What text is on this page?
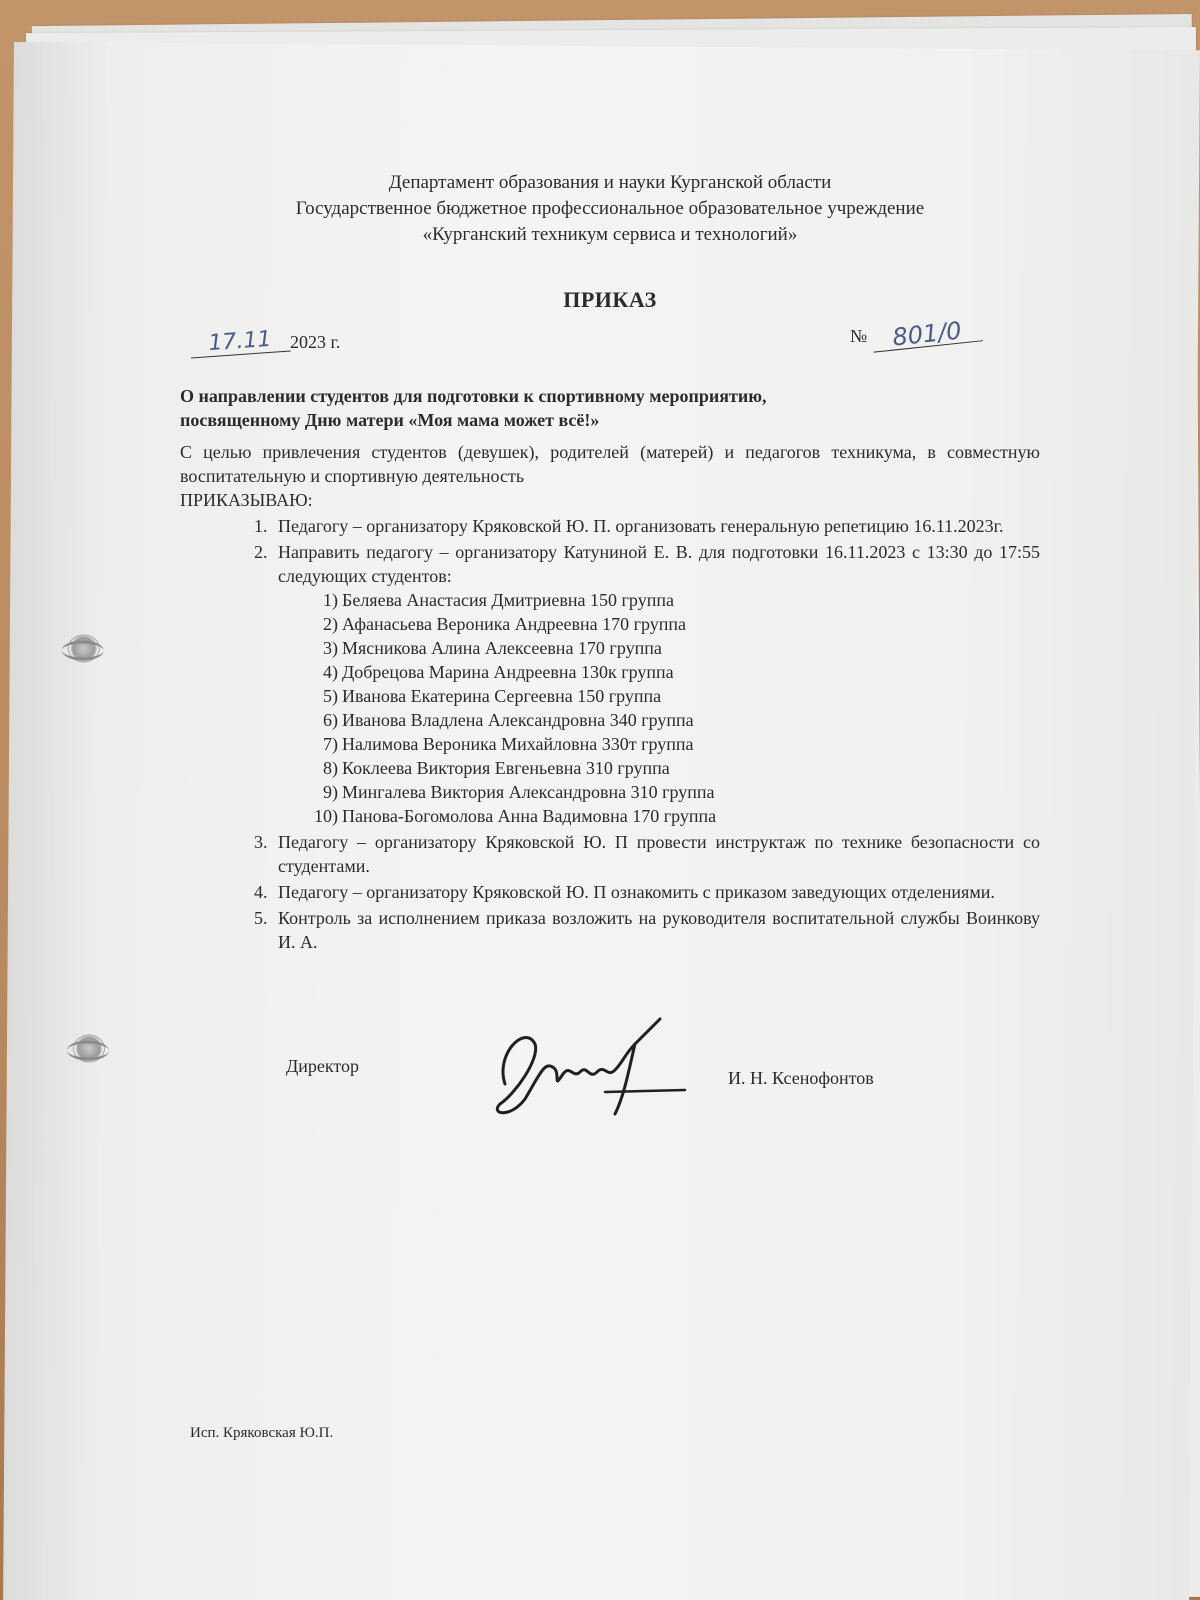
Департамент образования и науки Курганской области
Государственное бюджетное профессиональное образовательное учреждение
«Курганский техникум сервиса и технологий»
ПРИКАЗ
17.11 2023 г.	№ 801/0
О направлении студентов для подготовки к спортивному мероприятию,
посвященному Дню матери «Моя мама может всё!»
С целью привлечения студентов (девушек), родителей (матерей) и педагогов техникума, в совместную воспитательную и спортивную деятельность
ПРИКАЗЫВАЮ:
1. Педагогу – организатору Кряковской Ю. П. организовать генеральную репетицию 16.11.2023г.
2. Направить педагогу – организатору Катуниной Е. В. для подготовки 16.11.2023 с 13:30 до 17:55 следующих студентов:
Беляева Анастасия Дмитриевна 150 группа
Афанасьева Вероника Андреевна 170 группа
Мясникова Алина Алексеевна 170 группа
Добрецова Марина Андреевна 130к группа
Иванова Екатерина Сергеевна 150 группа
Иванова Владлена Александровна 340 группа
Налимова Вероника Михайловна 330т группа
Коклеева Виктория Евгеньевна 310 группа
Мингалева Виктория Александровна 310 группа
Панова-Богомолова Анна Вадимовна 170 группа
3. Педагогу – организатору Кряковской Ю. П провести инструктаж по технике безопасности со студентами.
4. Педагогу – организатору Кряковской Ю. П ознакомить с приказом заведующих отделениями.
5. Контроль за исполнением приказа возложить на руководителя воспитательной службы Воинкову И. А.
Директор
И. Н. Ксенофонтов
Исп. Кряковская Ю.П.
